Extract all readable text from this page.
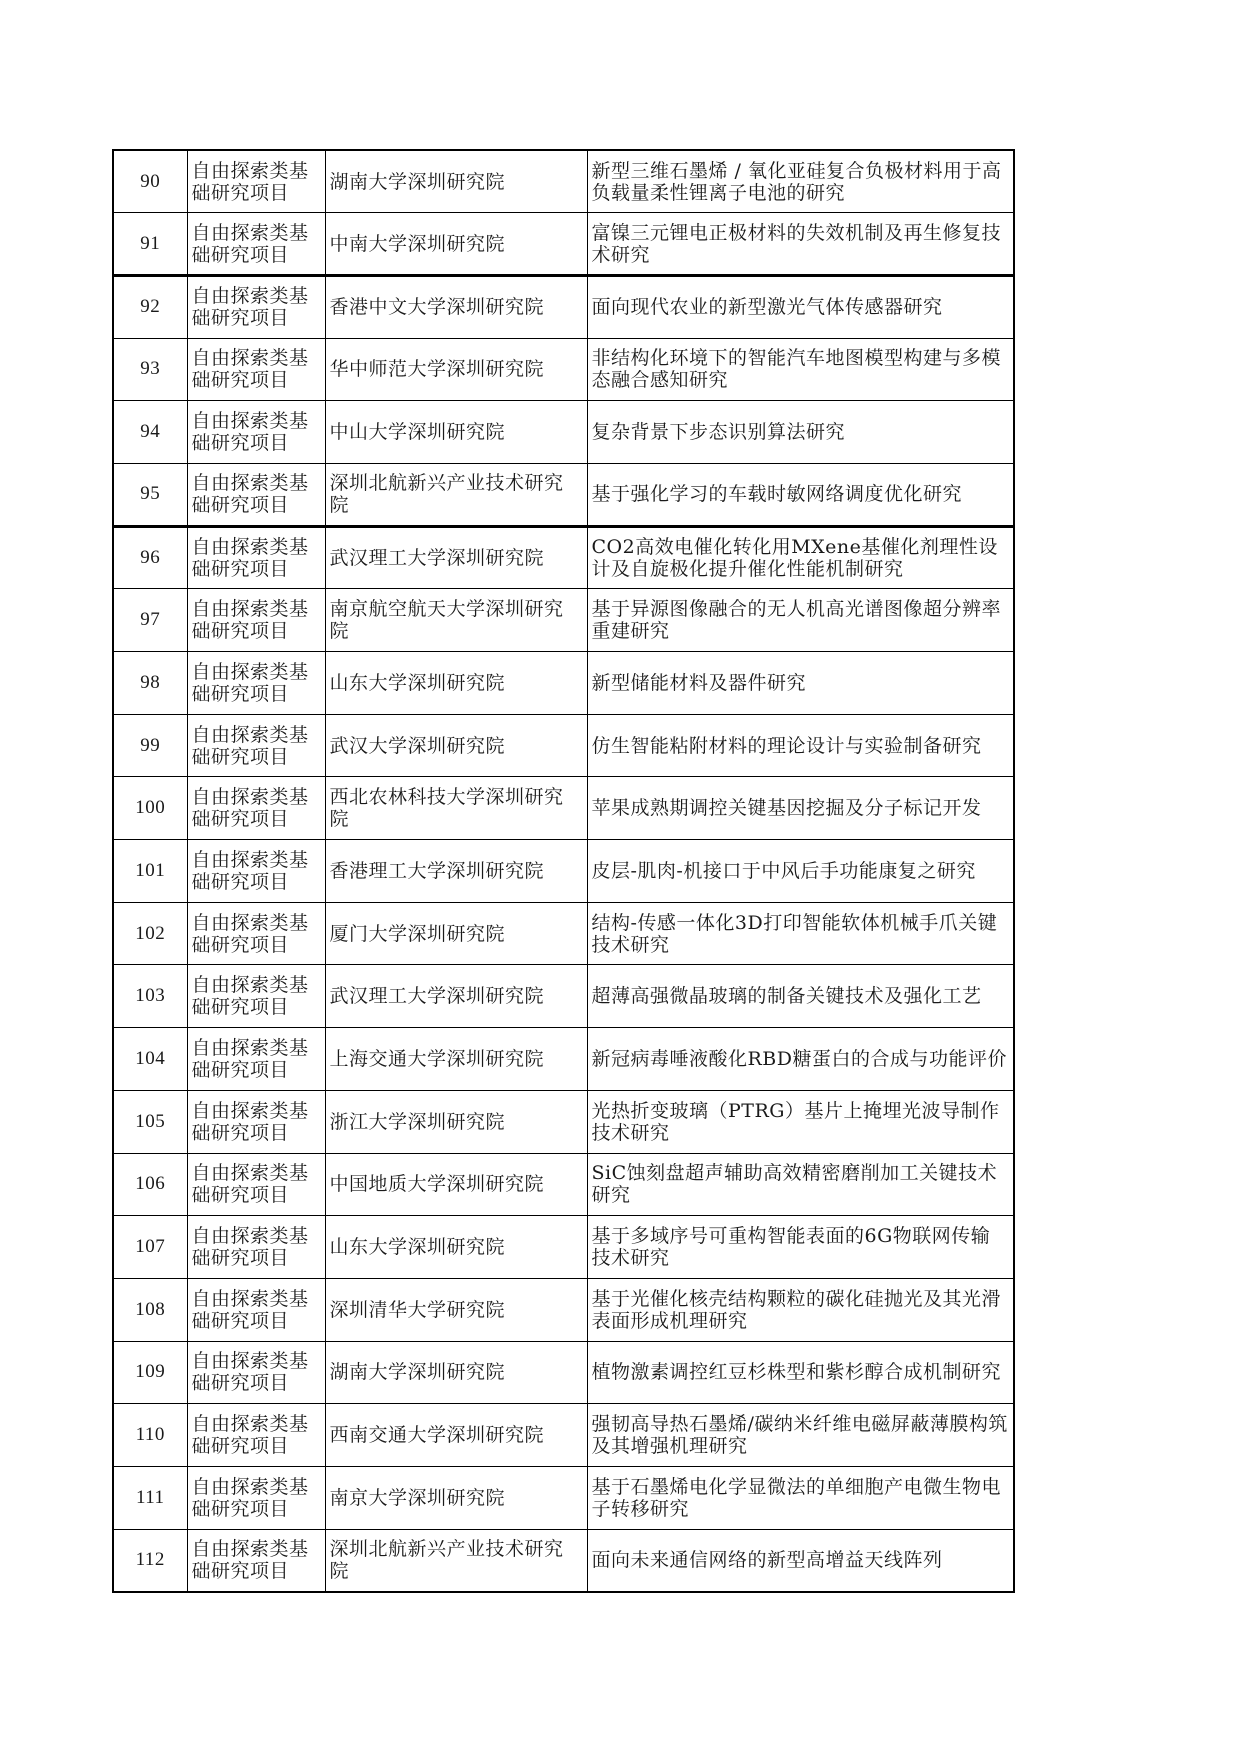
90	自由探索类基础研究项目	湖南大学深圳研究院	新型三维石墨烯 / 氧化亚硅复合负极材料用于高负载量柔性锂离子电池的研究
91	自由探索类基础研究项目	中南大学深圳研究院	富镍三元锂电正极材料的失效机制及再生修复技术研究
92	自由探索类基础研究项目	香港中文大学深圳研究院	面向现代农业的新型激光气体传感器研究
93	自由探索类基础研究项目	华中师范大学深圳研究院	非结构化环境下的智能汽车地图模型构建与多模态融合感知研究
94	自由探索类基础研究项目	中山大学深圳研究院	复杂背景下步态识别算法研究
95	自由探索类基础研究项目	深圳北航新兴产业技术研究院	基于强化学习的车载时敏网络调度优化研究
96	自由探索类基础研究项目	武汉理工大学深圳研究院	CO2高效电催化转化用MXene基催化剂理性设计及自旋极化提升催化性能机制研究
97	自由探索类基础研究项目	南京航空航天大学深圳研究院	基于异源图像融合的无人机高光谱图像超分辨率重建研究
98	自由探索类基础研究项目	山东大学深圳研究院	新型储能材料及器件研究
99	自由探索类基础研究项目	武汉大学深圳研究院	仿生智能粘附材料的理论设计与实验制备研究
100	自由探索类基础研究项目	西北农林科技大学深圳研究院	苹果成熟期调控关键基因挖掘及分子标记开发
101	自由探索类基础研究项目	香港理工大学深圳研究院	皮层-肌肉-机接口于中风后手功能康复之研究
102	自由探索类基础研究项目	厦门大学深圳研究院	结构-传感一体化3D打印智能软体机械手爪关键技术研究
103	自由探索类基础研究项目	武汉理工大学深圳研究院	超薄高强微晶玻璃的制备关键技术及强化工艺
104	自由探索类基础研究项目	上海交通大学深圳研究院	新冠病毒唾液酸化RBD糖蛋白的合成与功能评价
105	自由探索类基础研究项目	浙江大学深圳研究院	光热折变玻璃（PTRG）基片上掩埋光波导制作技术研究
106	自由探索类基础研究项目	中国地质大学深圳研究院	SiC蚀刻盘超声辅助高效精密磨削加工关键技术研究
107	自由探索类基础研究项目	山东大学深圳研究院	基于多域序号可重构智能表面的6G物联网传输技术研究
108	自由探索类基础研究项目	深圳清华大学研究院	基于光催化核壳结构颗粒的碳化硅抛光及其光滑表面形成机理研究
109	自由探索类基础研究项目	湖南大学深圳研究院	植物激素调控红豆杉株型和紫杉醇合成机制研究
110	自由探索类基础研究项目	西南交通大学深圳研究院	强韧高导热石墨烯/碳纳米纤维电磁屏蔽薄膜构筑及其增强机理研究
111	自由探索类基础研究项目	南京大学深圳研究院	基于石墨烯电化学显微法的单细胞产电微生物电子转移研究
112	自由探索类基础研究项目	深圳北航新兴产业技术研究院	面向未来通信网络的新型高增益天线阵列
